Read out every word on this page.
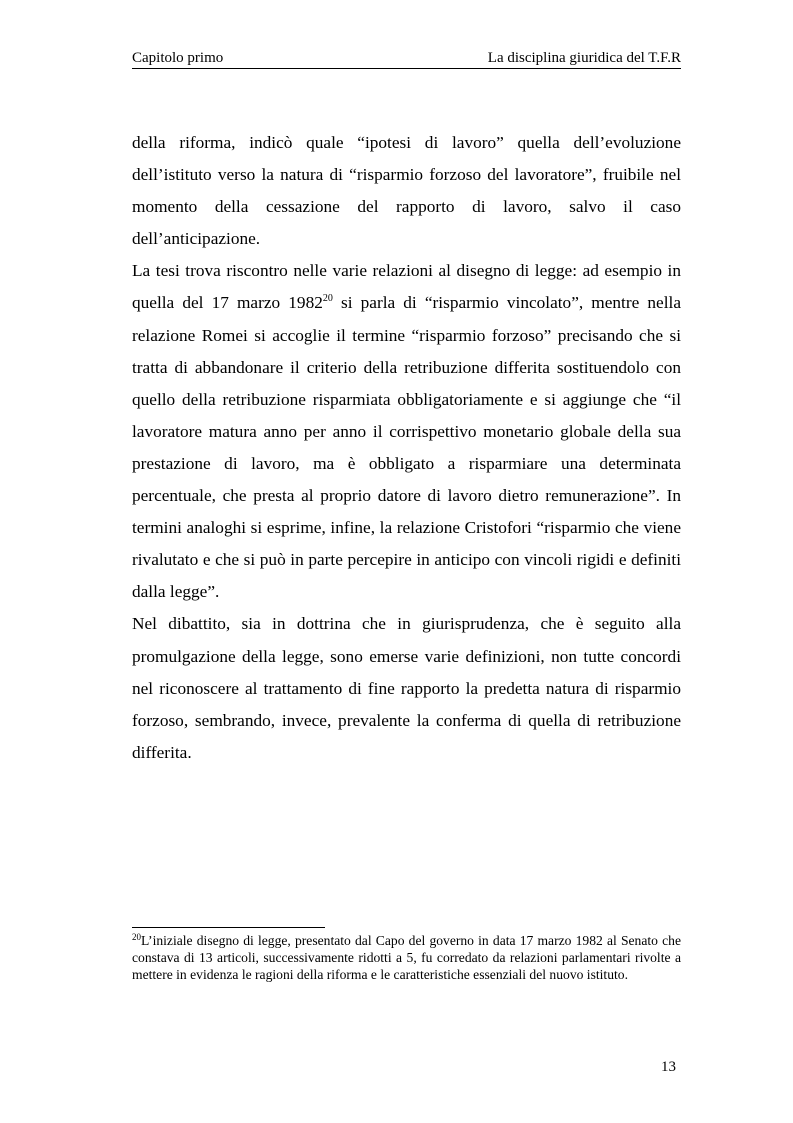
Capitolo primo	La disciplina giuridica del T.F.R

della riforma, indicò quale “ipotesi di lavoro” quella dell’evoluzione dell’istituto verso la natura di “risparmio forzoso del lavoratore”, fruibile nel momento della cessazione del rapporto di lavoro, salvo il caso dell’anticipazione.

La tesi trova riscontro nelle varie relazioni al disegno di legge: ad esempio in quella del 17 marzo 1982$^{20}$ si parla di “risparmio vincolato”, mentre nella relazione Romei si accoglie il termine “risparmio forzoso” precisando che si tratta di abbandonare il criterio della retribuzione differita sostituendolo con quello della retribuzione risparmiata obbligatoriamente e si aggiunge che “il lavoratore matura anno per anno il corrispettivo monetario globale della sua prestazione di lavoro, ma è obbligato a risparmiare una determinata percentuale, che presta al proprio datore di lavoro dietro remunerazione”. In termini analoghi si esprime, infine, la relazione Cristofori “risparmio che viene rivalutato e che si può in parte percepire in anticipo con vincoli rigidi e definiti dalla legge”.

Nel dibattito, sia in dottrina che in giurisprudenza, che è seguito alla promulgazione della legge, sono emerse varie definizioni, non tutte concordi nel riconoscere al trattamento di fine rapporto la predetta natura di risparmio forzoso, sembrando, invece, prevalente la conferma di quella di retribuzione differita.

$^{20}$L’iniziale disegno di legge, presentato dal Capo del governo in data 17 marzo 1982 al Senato che constava di 13 articoli, successivamente ridotti a 5, fu corredato da relazioni parlamentari rivolte a mettere in evidenza le ragioni della riforma e le caratteristiche essenziali del nuovo istituto.
13
